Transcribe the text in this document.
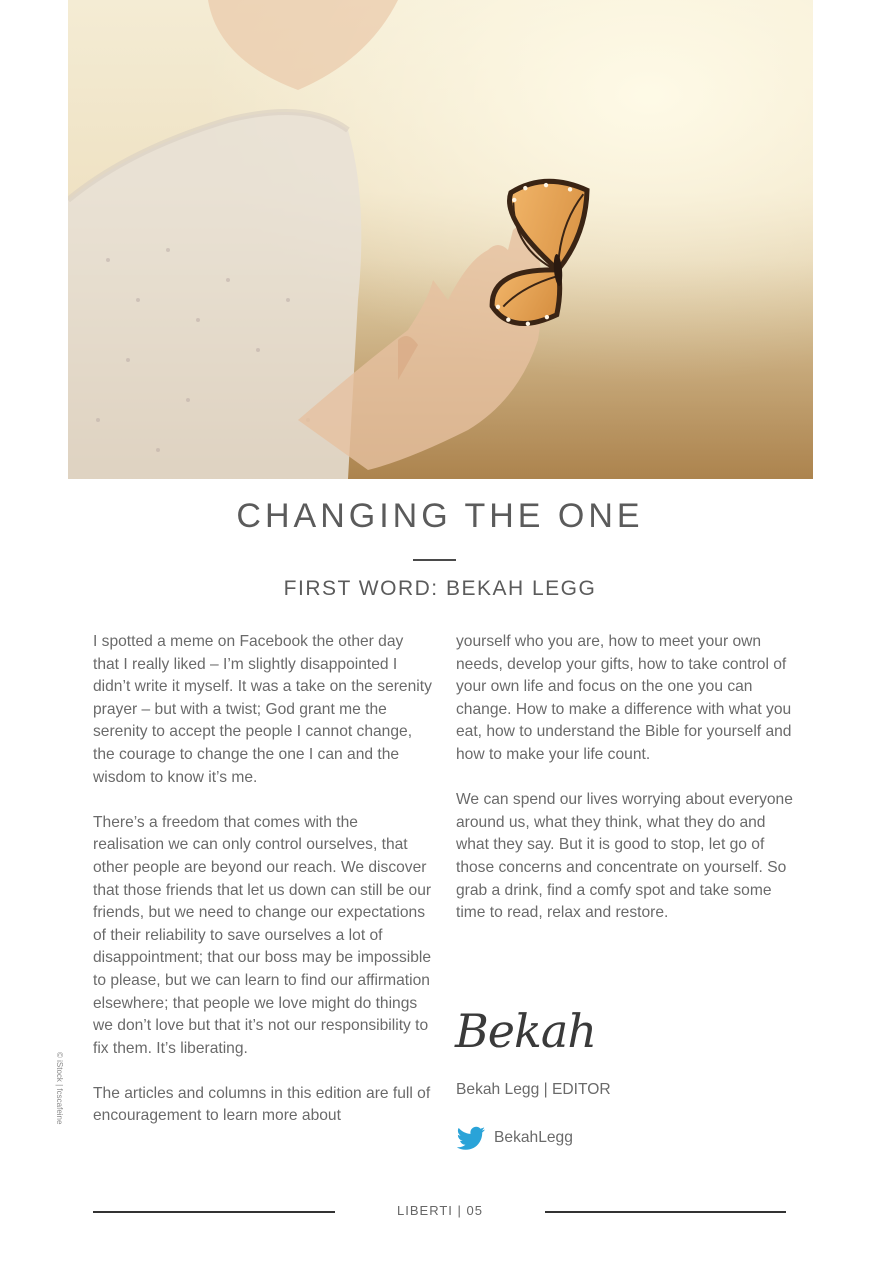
CHANGING THE ONE
FIRST WORD: BEKAH LEGG

I spotted a meme on Facebook the other day that I really liked – I’m slightly disappointed I didn’t write it myself. It was a take on the serenity prayer – but with a twist; God grant me the serenity to accept the people I cannot change, the courage to change the one I can and the wisdom to know it’s me.

There’s a freedom that comes with the realisation we can only control ourselves, that other people are beyond our reach. We discover that those friends that let us down can still be our friends, but we need to change our expectations of their reliability to save ourselves a lot of disappointment; that our boss may be impossible to please, but we can learn to find our affirmation elsewhere; that people we love might do things we don’t love but that it’s not our responsibility to fix them. It’s liberating.

The articles and columns in this edition are full of encouragement to learn more about

yourself who you are, how to meet your own needs, develop your gifts, how to take control of your own life and focus on the one you can change. How to make a difference with what you eat, how to understand the Bible for yourself and how to make your life count.

We can spend our lives worrying about everyone around us, what they think, what they do and what they say. But it is good to stop, let go of those concerns and concentrate on yourself. So grab a drink, find a comfy spot and take some time to read, relax and restore.

Bekah
Bekah Legg | EDITOR
BekahLegg
© iStock | fcscafeine
LIBERTI | 05
